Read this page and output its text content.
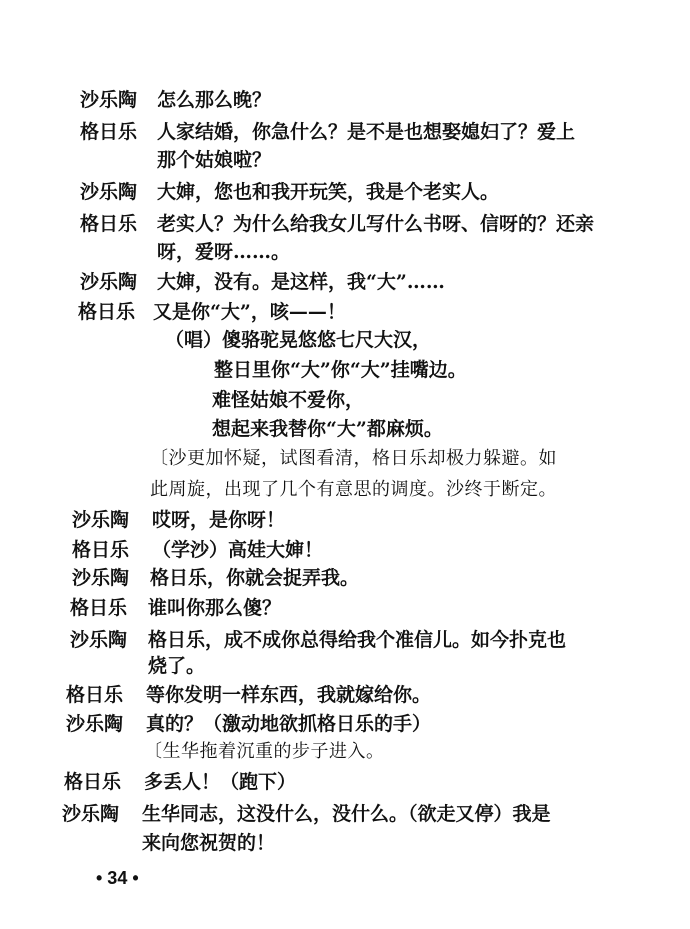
沙乐陶 怎么那么晚？
格日乐 人家结婚，你急什么？是不是也想娶媳妇了？爱上
那个姑娘啦？
沙乐陶 大婶，您也和我开玩笑，我是个老实人。
格日乐 老实人？为什么给我女儿写什么书呀、信呀的？还亲
呀，爱呀……。
沙乐陶 大婶，没有。是这样，我“大”……
格日乐 又是你“大”，咳——！
（唱）傻骆驼晃悠悠七尺大汉，
整日里你“大”你“大”挂嘴边。
难怪姑娘不爱你，
想起来我替你“大”都麻烦。
〔沙更加怀疑，试图看清，格日乐却极力躲避。如
此周旋，出现了几个有意思的调度。沙终于断定。
沙乐陶 哎呀，是你呀！
格日乐 （学沙）高娃大婶！
沙乐陶 格日乐，你就会捉弄我。
格日乐 谁叫你那么傻？
沙乐陶 格日乐，成不成你总得给我个准信儿。如今扑克也
烧了。
格日乐 等你发明一样东西，我就嫁给你。
沙乐陶 真的？（激动地欲抓格日乐的手）
〔生华拖着沉重的步子进入。
格日乐 多丢人！（跑下）
沙乐陶 生华同志，这没什么，没什么。（欲走又停）我是
来向您祝贺的！
• 34 •
